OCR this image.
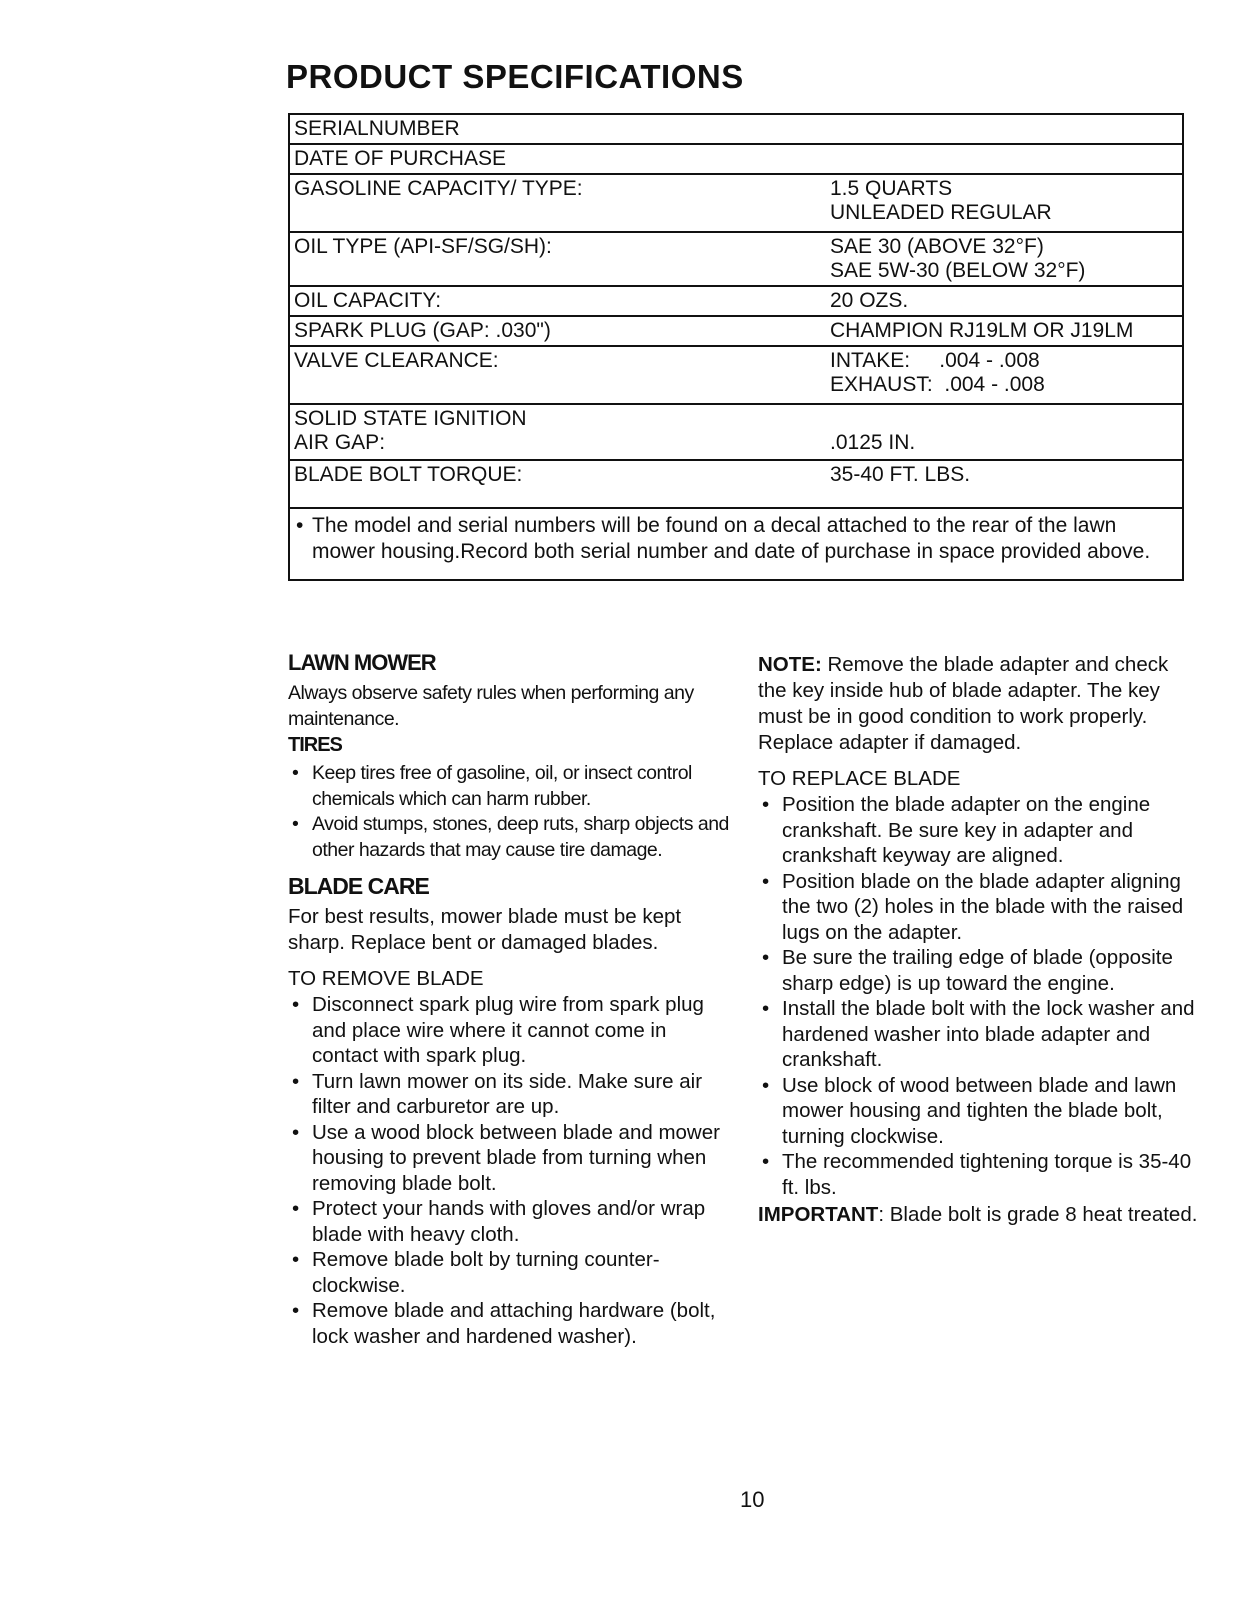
PRODUCT SPECIFICATIONS
SERIALNUMBER
DATE OF PURCHASE
GASOLINE CAPACITY/ TYPE:	1.5 QUARTS
UNLEADED REGULAR
OIL TYPE (API-SF/SG/SH):	SAE 30 (ABOVE 32°F)
SAE 5W-30 (BELOW 32°F)
OIL CAPACITY:	20 OZS.
SPARK PLUG (GAP: .030")	CHAMPION RJ19LM OR J19LM
VALVE CLEARANCE:	INTAKE:     .004 - .008
EXHAUST:  .004 - .008
SOLID STATE IGNITION
AIR GAP:
	.0125 IN.
BLADE BOLT TORQUE:	35-40 FT. LBS.
• The model and serial numbers will be found on a decal attached to the rear of the lawn mower housing.Record both serial number and date of purchase in space provided above.
LAWN MOWER

Always observe safety rules when performing any maintenance.

TIRES
• Keep tires free of gasoline, oil, or insect control chemicals which can harm rubber.
• Avoid stumps, stones, deep ruts, sharp objects and other hazards that may cause tire damage.
BLADE CARE

For best results, mower blade must be kept sharp. Replace bent or damaged blades.

TO REMOVE BLADE
• Disconnect spark plug wire from spark plug and place wire where it cannot come in contact with spark plug.
• Turn lawn mower on its side. Make sure air filter and carburetor are up.
• Use a wood block between blade and mower housing to prevent blade from turning when removing blade bolt.
• Protect your hands with gloves and/or wrap blade with heavy cloth.
• Remove blade bolt by turning counter-clockwise.
• Remove blade and attaching hardware (bolt, lock washer and hardened washer).

NOTE: Remove the blade adapter and check the key inside hub of blade adapter. The key must be in good condition to work properly. Replace adapter if damaged.

TO REPLACE BLADE
• Position the blade adapter on the engine crankshaft. Be sure key in adapter and crankshaft keyway are aligned.
• Position blade on the blade adapter aligning the two (2) holes in the blade with the raised lugs on the adapter.
• Be sure the trailing edge of blade (opposite sharp edge) is up toward the engine.
• Install the blade bolt with the lock washer and hardened washer into blade adapter and crankshaft.
• Use block of wood between blade and lawn mower housing and tighten the blade bolt, turning clockwise.
• The recommended tightening torque is 35-40 ft. lbs.

IMPORTANT: Blade bolt is grade 8 heat treated.

10
